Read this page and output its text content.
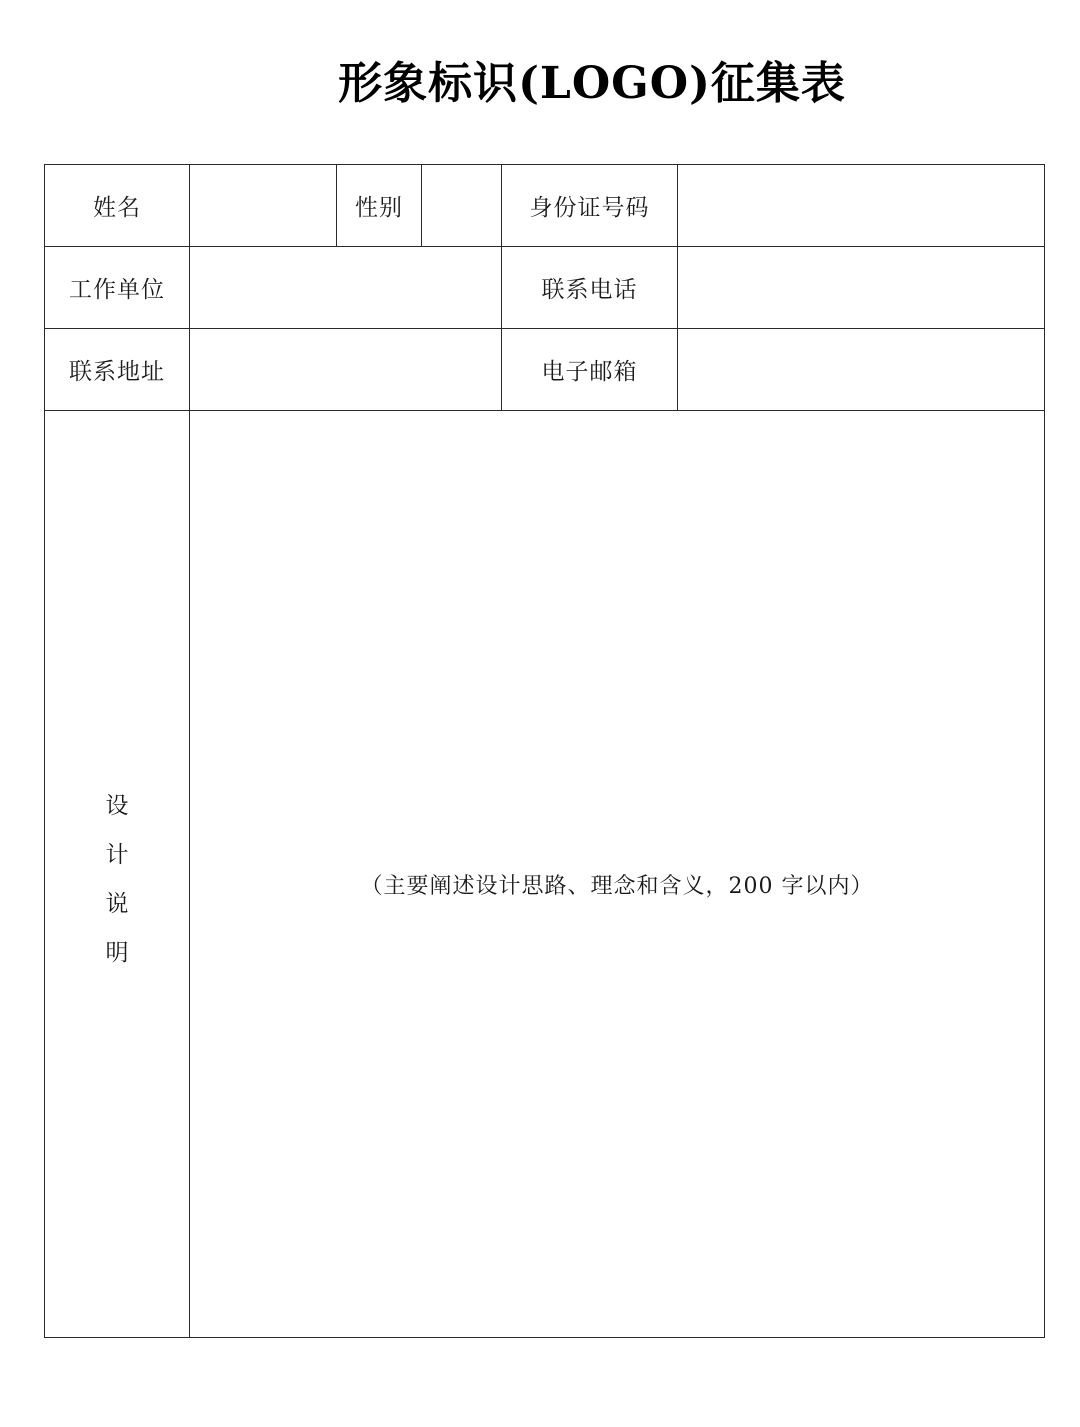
形象标识(LOGO)征集表
姓名		性别		身份证号码	
工作单位				联系电话	
联系地址				电子邮箱	

设
计
说
明	（主要阐述设计思路、理念和含义，200 字以内）				
